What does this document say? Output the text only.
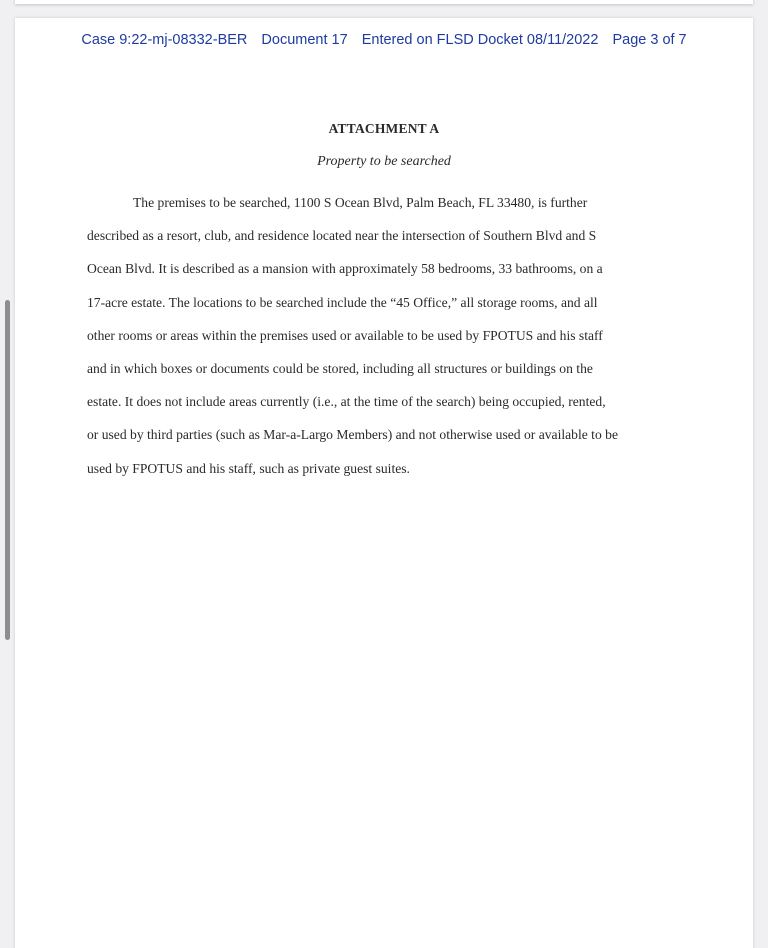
Case 9:22-mj-08332-BER Document 17 Entered on FLSD Docket 08/11/2022 Page 3 of 7
ATTACHMENT A
Property to be searched

The premises to be searched, 1100 S Ocean Blvd, Palm Beach, FL 33480, is further
described as a resort, club, and residence located near the intersection of Southern Blvd and S
Ocean Blvd. It is described as a mansion with approximately 58 bedrooms, 33 bathrooms, on a
17-acre estate. The locations to be searched include the “45 Office,” all storage rooms, and all
other rooms or areas within the premises used or available to be used by FPOTUS and his staff
and in which boxes or documents could be stored, including all structures or buildings on the
estate. It does not include areas currently (i.e., at the time of the search) being occupied, rented,
or used by third parties (such as Mar-a-Largo Members) and not otherwise used or available to be
used by FPOTUS and his staff, such as private guest suites.
